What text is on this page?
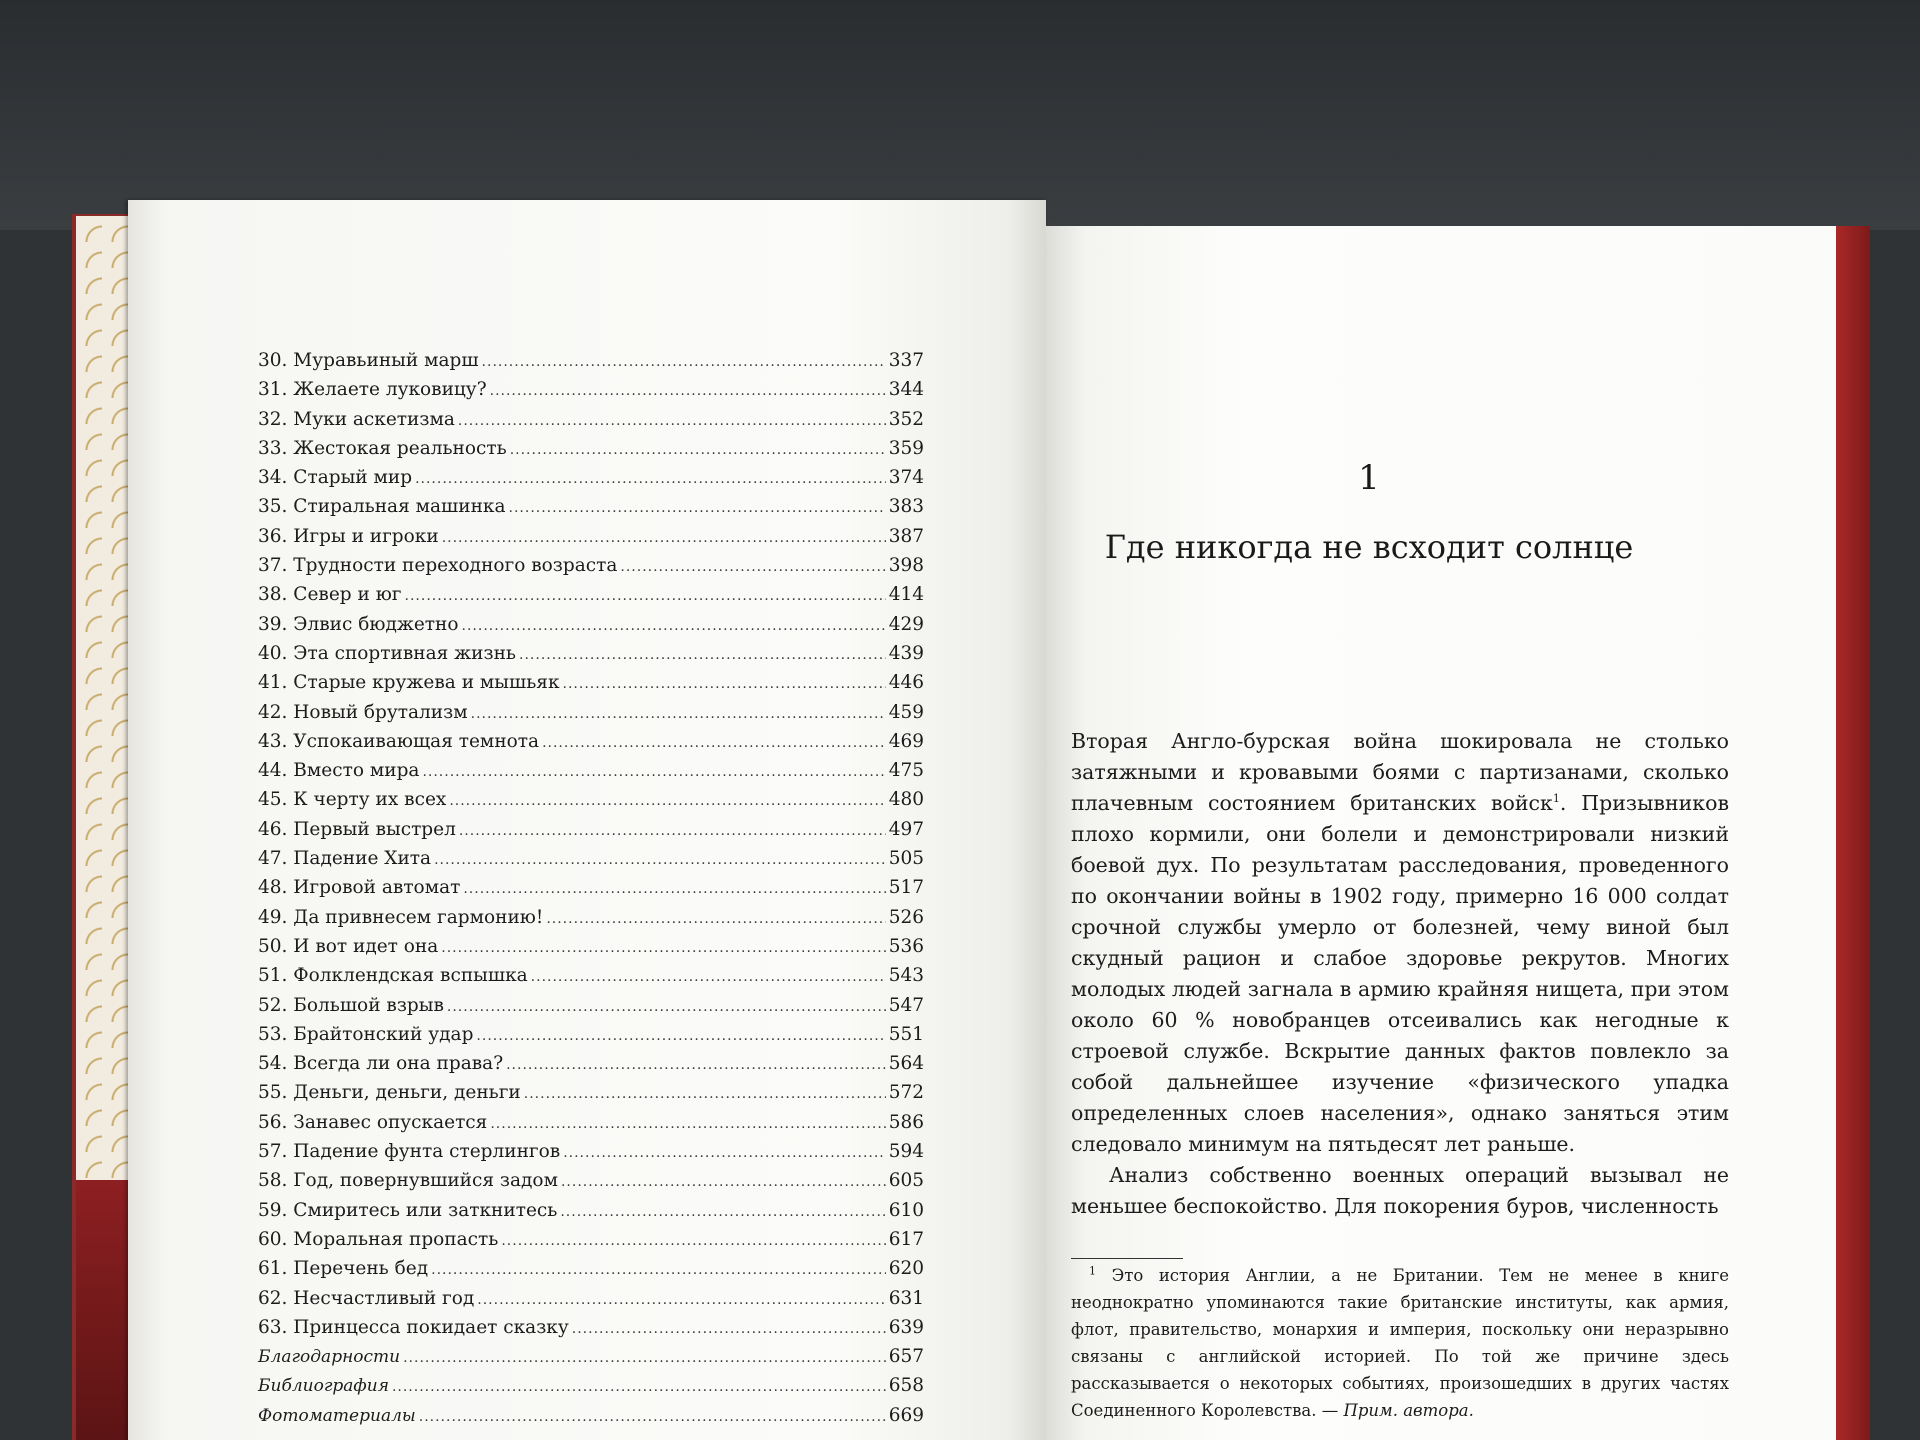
30. Муравьиный марш .....	337
31. Желаете луковицу? .....	344
32. Муки аскетизма .....	352
33. Жестокая реальность .....	359
34. Старый мир .....	374
35. Стиральная машинка .....	383
36. Игры и игроки .....	387
37. Трудности переходного возраста .....	398
38. Север и юг .....	414
39. Элвис бюджетно .....	429
40. Эта спортивная жизнь .....	439
41. Старые кружева и мышьяк .....	446
42. Новый брутализм .....	459
43. Успокаивающая темнота .....	469
44. Вместо мира .....	475
45. К черту их всех .....	480
46. Первый выстрел .....	497
47. Падение Хита .....	505
48. Игровой автомат .....	517
49. Да привнесем гармонию! .....	526
50. И вот идет она .....	536
51. Фолклендская вспышка .....	543
52. Большой взрыв .....	547
53. Брайтонский удар .....	551
54. Всегда ли она права? .....	564
55. Деньги, деньги, деньги .....	572
56. Занавес опускается .....	586
57. Падение фунта стерлингов .....	594
58. Год, повернувшийся задом .....	605
59. Смиритесь или заткнитесь .....	610
60. Моральная пропасть .....	617
61. Перечень бед .....	620
62. Несчастливый год .....	631
63. Принцесса покидает сказку .....	639
Благодарности .....	657
Библиография .....	658
Фотоматериалы .....	669
1
Где никогда не всходит солнце

Вторая Англо-бурская война шокировала не столько затяжными и кровавыми боями с партизанами, сколько плачевным состоянием британских войск$^1$. Призывников плохо кормили, они болели и демонстрировали низкий боевой дух. По результатам расследования, проведенного по окончании войны в 1902 году, примерно 16 000 солдат срочной службы умерло от болезней, чему виной был скудный рацион и слабое здоровье рекрутов. Многих молодых людей загнала в армию крайняя нищета, при этом около 60 % новобранцев отсеивались как негодные к строевой службе. Вскрытие данных фактов повлекло за собой дальнейшее изучение «физического упадка определенных слоев населения», однако заняться этим следовало минимум на пятьдесят лет раньше.

Анализ собственно военных операций вызывал не меньшее беспокойство. Для покорения буров, численность

$^1$ Это история Англии, а не Британии. Тем не менее в книге неоднократно упоминаются такие британские институты, как армия, флот, правительство, монархия и империя, поскольку они неразрывно связаны с английской историей. По той же причине здесь рассказывается о некоторых событиях, произошедших в других частях Соединенного Королевства. — Прим. автора.
